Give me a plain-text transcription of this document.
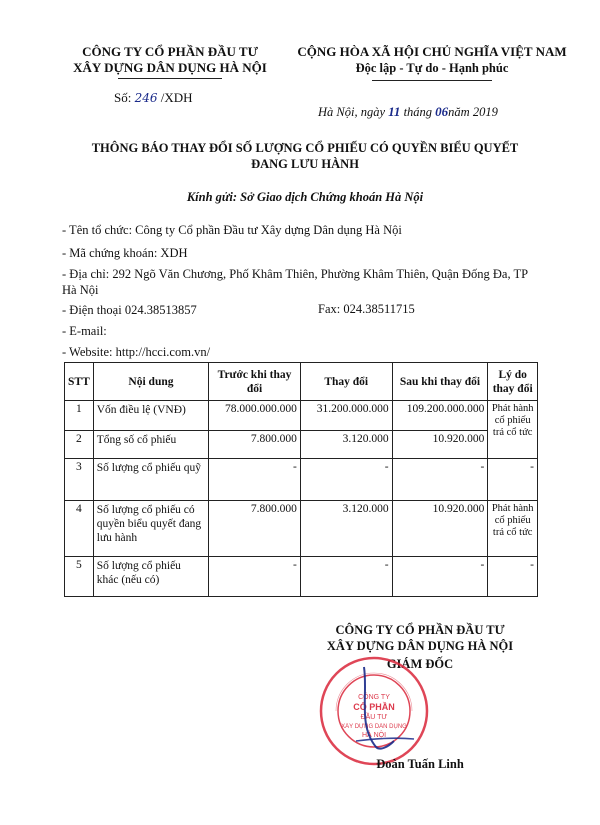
CÔNG TY CỔ PHẦN ĐẦU TƯ
XÂY DỰNG DÂN DỤNG HÀ NỘI
CỘNG HÒA XÃ HỘI CHỦ NGHĨA VIỆT NAM
Độc lập - Tự do - Hạnh phúc
Số: 246 /XDH
Hà Nội, ngày 11 tháng 06năm 2019
THÔNG BÁO THAY ĐỔI SỐ LƯỢNG CỔ PHIẾU CÓ QUYỀN BIỂU QUYẾT
ĐANG LƯU HÀNH
Kính gửi: Sở Giao dịch Chứng khoán Hà Nội
- Tên tổ chức: Công ty Cổ phần Đầu tư Xây dựng Dân dụng Hà Nội
- Mã chứng khoán: XDH
- Địa chỉ: 292 Ngõ Văn Chương, Phố Khâm Thiên, Phường Khâm Thiên, Quận Đống Đa, TP Hà Nội
- Điện thoại 024.38513857	Fax: 024.38511715
- E-mail:
- Website: http://hcci.com.vn/
STT	Nội dung	Trước khi thay đổi	Thay đổi	Sau khi thay đổi	Lý do thay đổi
1	Vốn điều lệ (VNĐ)	78.000.000.000	31.200.000.000	109.200.000.000	Phát hành cổ phiếu trả cổ tức
2	Tổng số cổ phiếu	7.800.000	3.120.000	10.920.000	
3	Số lượng cổ phiếu quỹ	-	-	-	-
4	Số lượng cổ phiếu có quyền biểu quyết đang lưu hành	7.800.000	3.120.000	10.920.000	Phát hành cổ phiếu trả cổ tức
5	Số lượng cổ phiếu khác (nếu có)	-	-	-	-
CÔNG TY CỔ PHẦN ĐẦU TƯ
XÂY DỰNG DÂN DỤNG HÀ NỘI
GIÁM ĐỐC
CÔNG TY
CỔ PHẦN
ĐẦU TƯ
XÂY DỰNG DÂN DỤNG
HÀ NỘI
Đoàn Tuấn Linh
